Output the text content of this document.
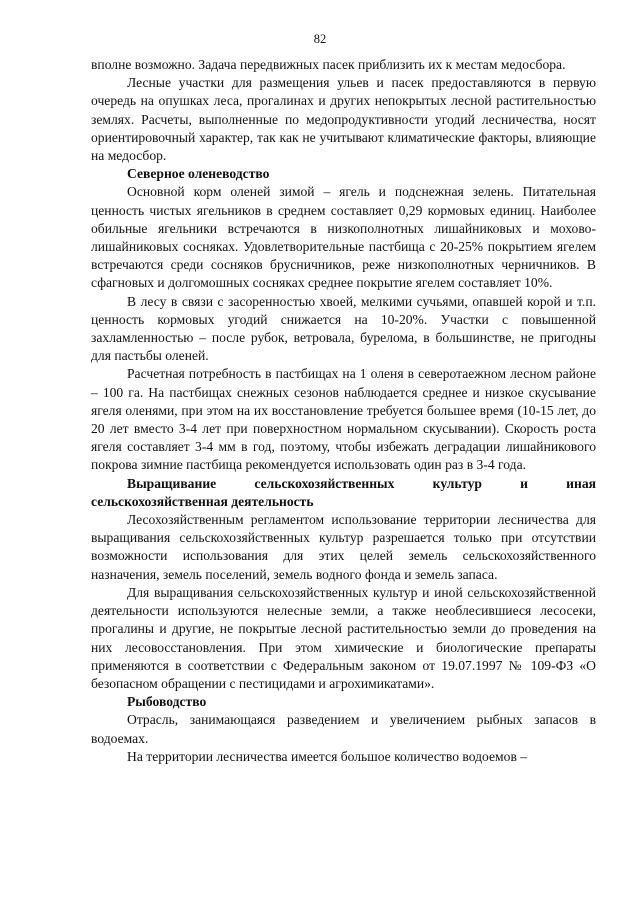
82

вполне возможно. Задача передвижных пасек приблизить их к местам медосбора.

Лесные участки для размещения ульев и пасек предоставляются в первую очередь на опушках леса, прогалинах и других непокрытых лесной растительностью землях. Расчеты, выполненные по медопродуктивности угодий лесничества, носят ориентировочный характер, так как не учитывают климатические факторы, влияющие на медосбор.

Северное оленеводство

Основной корм оленей зимой – ягель и подснежная зелень. Питательная ценность чистых ягельников в среднем составляет 0,29 кормовых единиц. Наиболее обильные ягельники встречаются в низкополнотных лишайниковых и мохово-лишайниковых сосняках. Удовлетворительные пастбища с 20-25% покрытием ягелем встречаются среди сосняков брусничников, реже низкополнотных черничников. В сфагновых и долгомошных сосняках среднее покрытие ягелем составляет 10%.

В лесу в связи с засоренностью хвоей, мелкими сучьями, опавшей корой и т.п. ценность кормовых угодий снижается на 10-20%. Участки с повышенной захламленностью – после рубок, ветровала, бурелома, в большинстве, не пригодны для пастьбы оленей.

Расчетная потребность в пастбищах на 1 оленя в северотаежном лесном районе – 100 га. На пастбищах снежных сезонов наблюдается среднее и низкое скусывание ягеля оленями, при этом на их восстановление требуется большее время (10-15 лет, до 20 лет вместо 3-4 лет при поверхностном нормальном скусывании). Скорость роста ягеля составляет 3-4 мм в год, поэтому, чтобы избежать деградации лишайникового покрова зимние пастбища рекомендуется использовать один раз в 3-4 года.

Выращивание сельскохозяйственных культур и иная сельскохозяйственная деятельность

Лесохозяйственным регламентом использование территории лесничества для выращивания сельскохозяйственных культур разрешается только при отсутствии возможности использования для этих целей земель сельскохозяйственного назначения, земель поселений, земель водного фонда и земель запаса.

Для выращивания сельскохозяйственных культур и иной сельскохозяйственной деятельности используются нелесные земли, а также необлесившиеся лесосеки, прогалины и другие, не покрытые лесной растительностью земли до проведения на них лесовосстановления. При этом химические и биологические препараты применяются в соответствии с Федеральным законом от 19.07.1997 № 109-ФЗ «О безопасном обращении с пестицидами и агрохимикатами».

Рыбоводство

Отрасль, занимающаяся разведением и увеличением рыбных запасов в водоемах.

На территории лесничества имеется большое количество водоемов –
